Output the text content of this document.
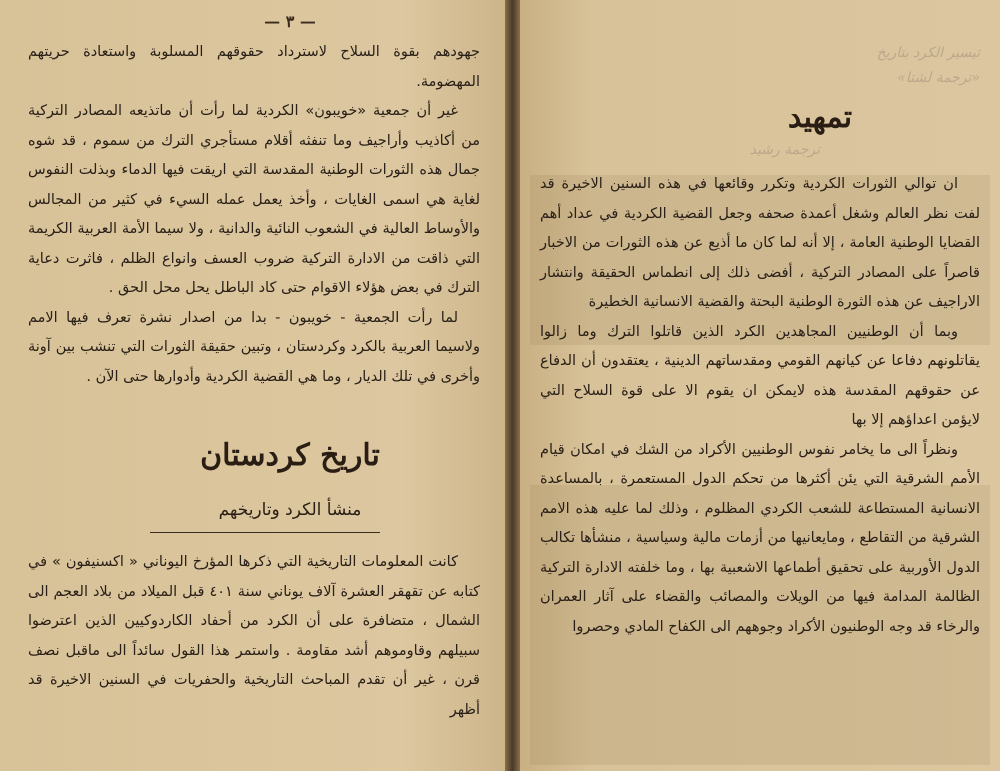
— ٣ —

جهودهم بقوة السلاح لاسترداد حقوقهم المسلوبة واستعادة حريتهم المهضومة.

غير أن جمعية «خويبون» الكردية لما رأت أن ماتذيعه المصادر التركية من أكاذيب وأراجيف وما تنفثه أقلام مستأجري الترك من سموم ، قد شوه جمال هذه الثورات الوطنية المقدسة التي اريقت فيها الدماء وبذلت النفوس لغاية هي اسمى الغايات ، وأخذ يعمل عمله السيء في كثير من المجالس والأوساط العالية في الشعوب النائية والدانية ، ولا سيما الأمة العربية الكريمة التي ذاقت من الادارة التركية ضروب العسف وانواع الظلم ، فاثرت دعاية الترك في بعض هؤلاء الاقوام حتى كاد الباطل يحل محل الحق .

لما رأت الجمعية - خويبون - بدا من اصدار نشرة تعرف فيها الامم ولاسيما العربية بالكرد وكردستان ، وتبين حقيقة الثورات التي تنشب بين آونة وأخرى في تلك الديار ، وما هي القضية الكردية وأدوارها حتى الآن .

تاريخ كردستان
منشأ الكرد وتاريخهم

كانت المعلومات التاريخية التي ذكرها المؤرخ اليوناني « اكسنيفون » في كتابه عن تقهقر العشرة آلاف يوناني سنة ٤٠١ قبل الميلاد من بلاد العجم الى الشمال ، متضافرة على أن الكرد من أحفاد الكاردوكيين الذين اعترضوا سبيلهم وقاوموهم أشد مقاومة . واستمر هذا القول سائداً الى ماقبل نصف قرن ، غير أن تقدم المباحث التاريخية والحفريات في السنين الاخيرة قد أظهر

تيسير الكرد بتاريخ
«ترجمة لشتا»
ترجمة رشيد
تمهيد

ان توالي الثورات الكردية وتكرر وقائعها في هذه السنين الاخيرة قد لفت نظر العالم وشغل أعمدة صحفه وجعل القضية الكردية في عداد أهم القضايا الوطنية العامة ، إلا أنه لما كان ما أذيع عن هذه الثورات من الاخبار قاصراً على المصادر التركية ، أفضى ذلك إلى انطماس الحقيقة وانتشار الاراجيف عن هذه الثورة الوطنية البحتة والقضية الانسانية الخطيرة

وبما أن الوطنيين المجاهدين الكرد الذين قاتلوا الترك وما زالوا يقاتلونهم دفاعا عن كيانهم القومي ومقدساتهم الدينية ، يعتقدون أن الدفاع عن حقوقهم المقدسة هذه لايمكن ان يقوم الا على قوة السلاح التي لايؤمن اعداؤهم إلا بها

ونظراً الى ما يخامر نفوس الوطنيين الأكراد من الشك في امكان قيام الأمم الشرقية التي يئن أكثرها من تحكم الدول المستعمرة ، بالمساعدة الانسانية المستطاعة للشعب الكردي المظلوم ، وذلك لما عليه هذه الامم الشرقية من التقاطع ، ومايعانيها من أزمات مالية وسياسية ، منشأها تكالب الدول الأوربية على تحقيق أطماعها الاشعبية بها ، وما خلفته الادارة التركية الظالمة المدامة فيها من الويلات والمصائب والقضاء على آثار العمران والرخاء قد وجه الوطنيون الأكراد وجوههم الى الكفاح المادي وحصروا
